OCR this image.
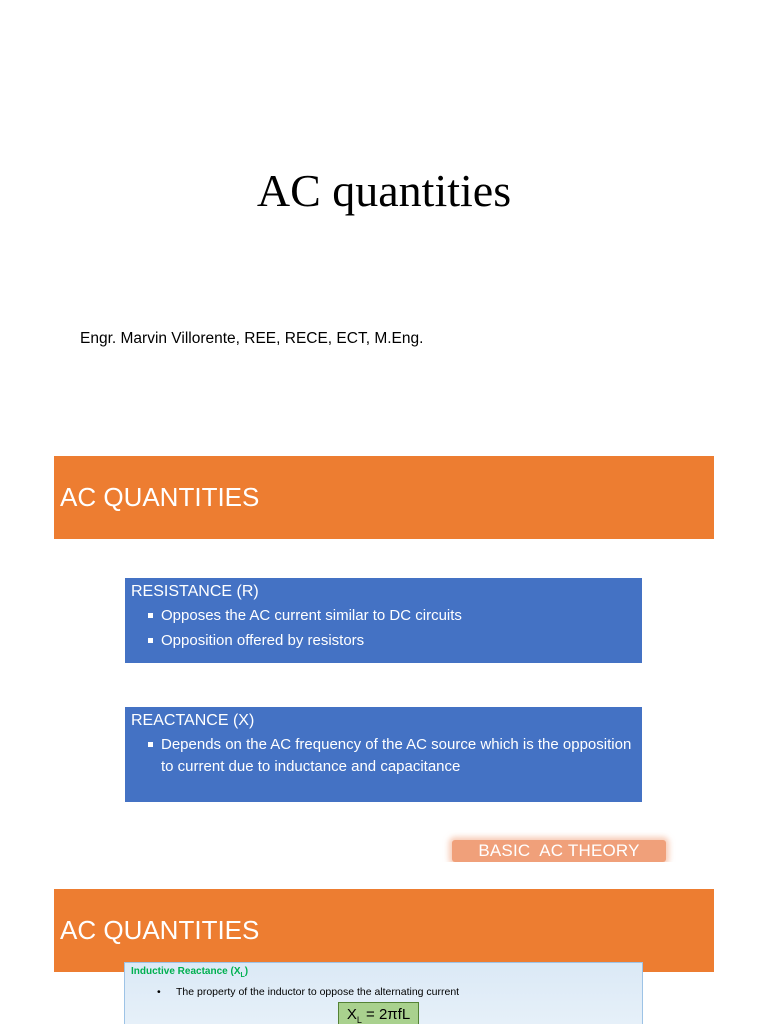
AC quantities
Engr. Marvin Villorente, REE, RECE, ECT, M.Eng.
AC QUANTITIES
RESISTANCE (R)
Opposes the AC current similar to DC circuits
Opposition offered by resistors
REACTANCE (X)
Depends on the AC frequency of the AC source which is the opposition to current due to inductance and capacitance
BASIC  AC THEORY
AC QUANTITIES
Inductive Reactance $(X_L)$
• The property of the inductor to oppose the alternating current
$X_L = 2\pi fL$
